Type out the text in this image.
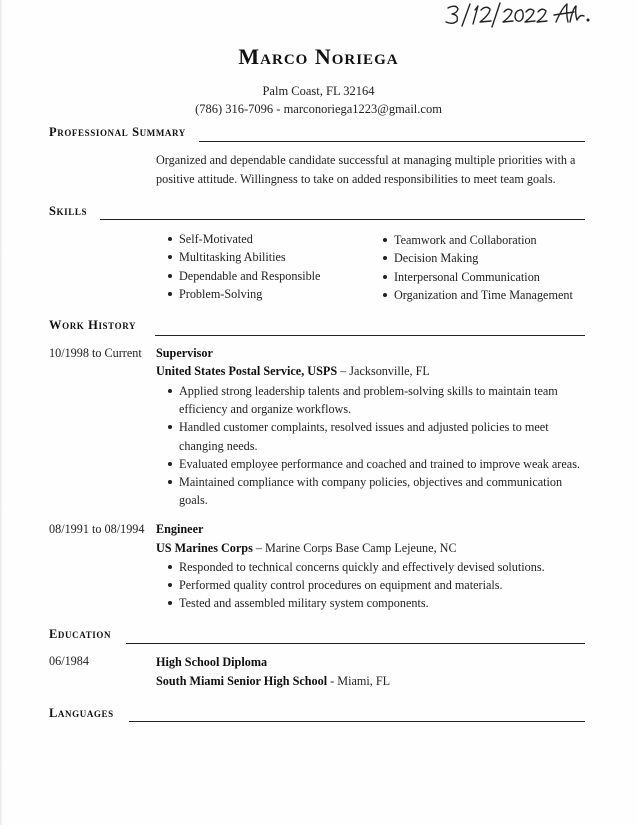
Marco Noriega
Palm Coast, FL 32164
(786) 316-7096 - marconoriega1223@gmail.com
Professional Summary
Organized and dependable candidate successful at managing multiple priorities with a
positive attitude. Willingness to take on added responsibilities to meet team goals.
Skills
Self-Motivated
Multitasking Abilities
Dependable and Responsible
Problem-Solving
Teamwork and Collaboration
Decision Making
Interpersonal Communication
Organization and Time Management
Work History
10/1998 to Current Supervisor
United States Postal Service, USPS – Jacksonville, FL
Applied strong leadership talents and problem-solving skills to maintain team efficiency and organize workflows.
Handled customer complaints, resolved issues and adjusted policies to meet changing needs.
Evaluated employee performance and coached and trained to improve weak areas.
Maintained compliance with company policies, objectives and communication goals.
08/1991 to 08/1994 Engineer
US Marines Corps – Marine Corps Base Camp Lejeune, NC
Responded to technical concerns quickly and effectively devised solutions.
Performed quality control procedures on equipment and materials.
Tested and assembled military system components.
Education
06/1984	High School Diploma
South Miami Senior High School - Miami, FL
Languages
